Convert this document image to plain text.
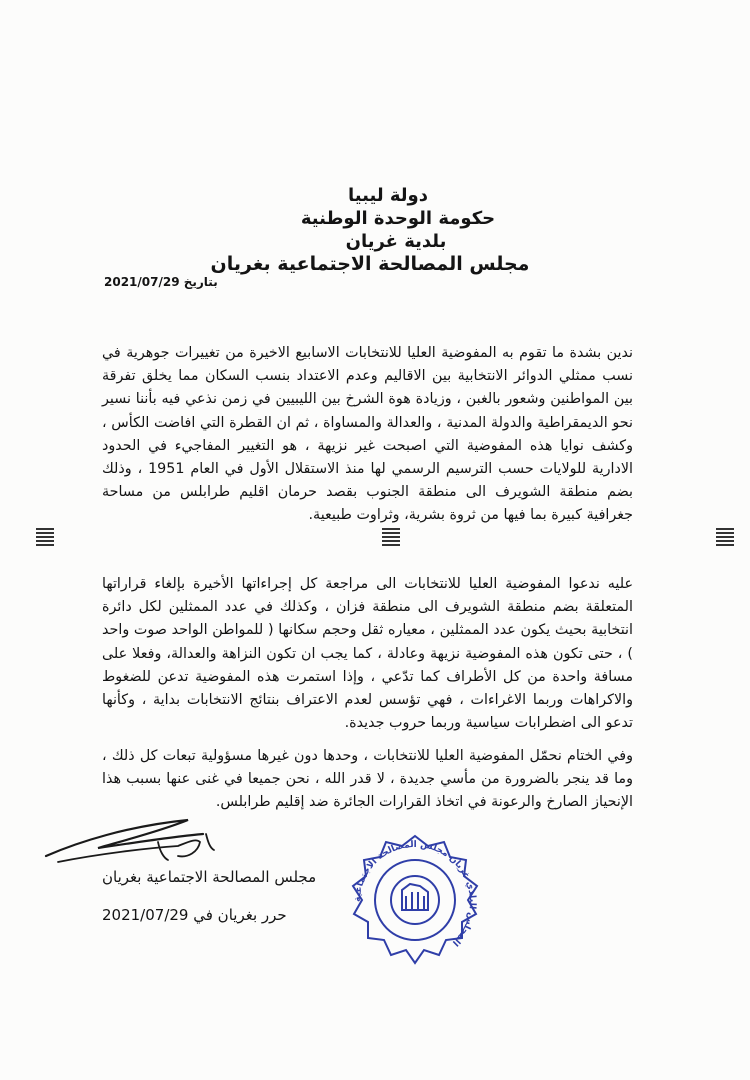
دولة ليبيا
حكومة الوحدة الوطنية
بلدية غريان
مجلس المصالحة الاجتماعية بغريان
بتاريخ 2021/07/29
ندين بشدة ما تقوم به المفوضية العليا للانتخابات الاسابيع الاخيرة من تغييرات جوهرية في نسب ممثلي الدوائر الانتخابية بين الاقاليم وعدم الاعتداد بنسب السكان مما يخلق تفرقة بين المواطنين وشعور بالغبن ، وزيادة هوة الشرخ بين الليبيين في زمن نذعي فيه بأننا نسير نحو الديمقراطية والدولة المدنية ، والعدالة والمساواة ، ثم ان القطرة التي افاضت الكأس ، وكشف نوايا هذه المفوضية التي اصبحت غير نزيهة ، هو التغيير المفاجيء في الحدود الادارية للولايات حسب الترسيم الرسمي لها منذ الاستقلال الأول في العام 1951 ، وذلك بضم منطقة الشويرف الى منطقة الجنوب بقصد حرمان اقليم طرابلس من مساحة جغرافية كبيرة بما فيها من ثروة بشرية، وثراوت طبيعية.
عليه ندعوا المفوضية العليا للانتخابات الى مراجعة كل إجراءاتها الأخيرة بإلغاء قراراتها المتعلقة بضم منطقة الشويرف الى منطقة فزان ، وكذلك في عدد الممثلين لكل دائرة انتخابية بحيث يكون عدد الممثلين ، معياره ثقل وحجم سكانها ( للمواطن الواحد صوت واحد ) ، حتى تكون هذه المفوضية نزيهة وعادلة ، كما يجب ان تكون النزاهة والعدالة، وفعلا على مسافة واحدة من كل الأطراف كما تدّعي ، وإذا استمرت هذه المفوضية تدعن للضغوط والاكراهات وربما الاغراءات ، فهي تؤسس لعدم الاعتراف بنتائج الانتخابات بداية ، وكأنها تدعو الى اضطرابات سياسية وربما حروب جديدة.
وفي الختام نحمّل المفوضية العليا للانتخابات ، وحدها دون غيرها مسؤولية تبعات كل ذلك ، وما قد ينجر بالضرورة من مأسي جديدة ، لا قدر الله ، نحن جميعا في غنى عنها بسبب هذا الإنحياز الصارخ والرعونة في اتخاذ القرارات الجائرة ضد إقليم طرابلس.
مجلس المصالحة الاجتماعية بغريان
حرر بغريان في 2021/07/29
المجلس البلدي غريان مجلس المصالحة الاجتماعية
